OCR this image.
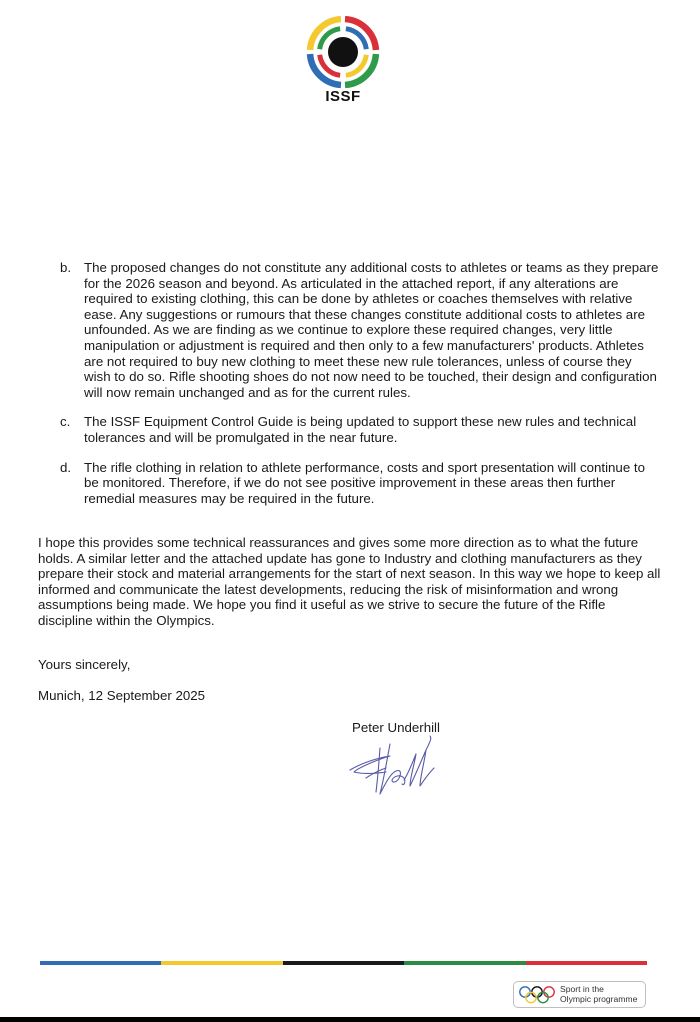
ISSF
b. The proposed changes do not constitute any additional costs to athletes or teams as they prepare for the 2026 season and beyond. As articulated in the attached report, if any alterations are required to existing clothing, this can be done by athletes or coaches themselves with relative ease. Any suggestions or rumours that these changes constitute additional costs to athletes are unfounded. As we are finding as we continue to explore these required changes, very little manipulation or adjustment is required and then only to a few manufacturers' products. Athletes are not required to buy new clothing to meet these new rule tolerances, unless of course they wish to do so. Rifle shooting shoes do not now need to be touched, their design and configuration will now remain unchanged and as for the current rules.
c.	The ISSF Equipment Control Guide is being updated to support these new rules and technical tolerances and will be promulgated in the near future.
d. The rifle clothing in relation to athlete performance, costs and sport presentation will continue to be monitored. Therefore, if we do not see positive improvement in these areas then further remedial measures may be required in the future.

I hope this provides some technical reassurances and gives some more direction as to what the future holds. A similar letter and the attached update has gone to Industry and clothing manufacturers as they prepare their stock and material arrangements for the start of next season. In this way we hope to keep all informed and communicate the latest developments, reducing the risk of misinformation and wrong assumptions being made. We hope you find it useful as we strive to secure the future of the Rifle discipline within the Olympics.

Yours sincerely,

Munich, 12 September 2025

Peter Underhill

Sport in the
Olympic programme
